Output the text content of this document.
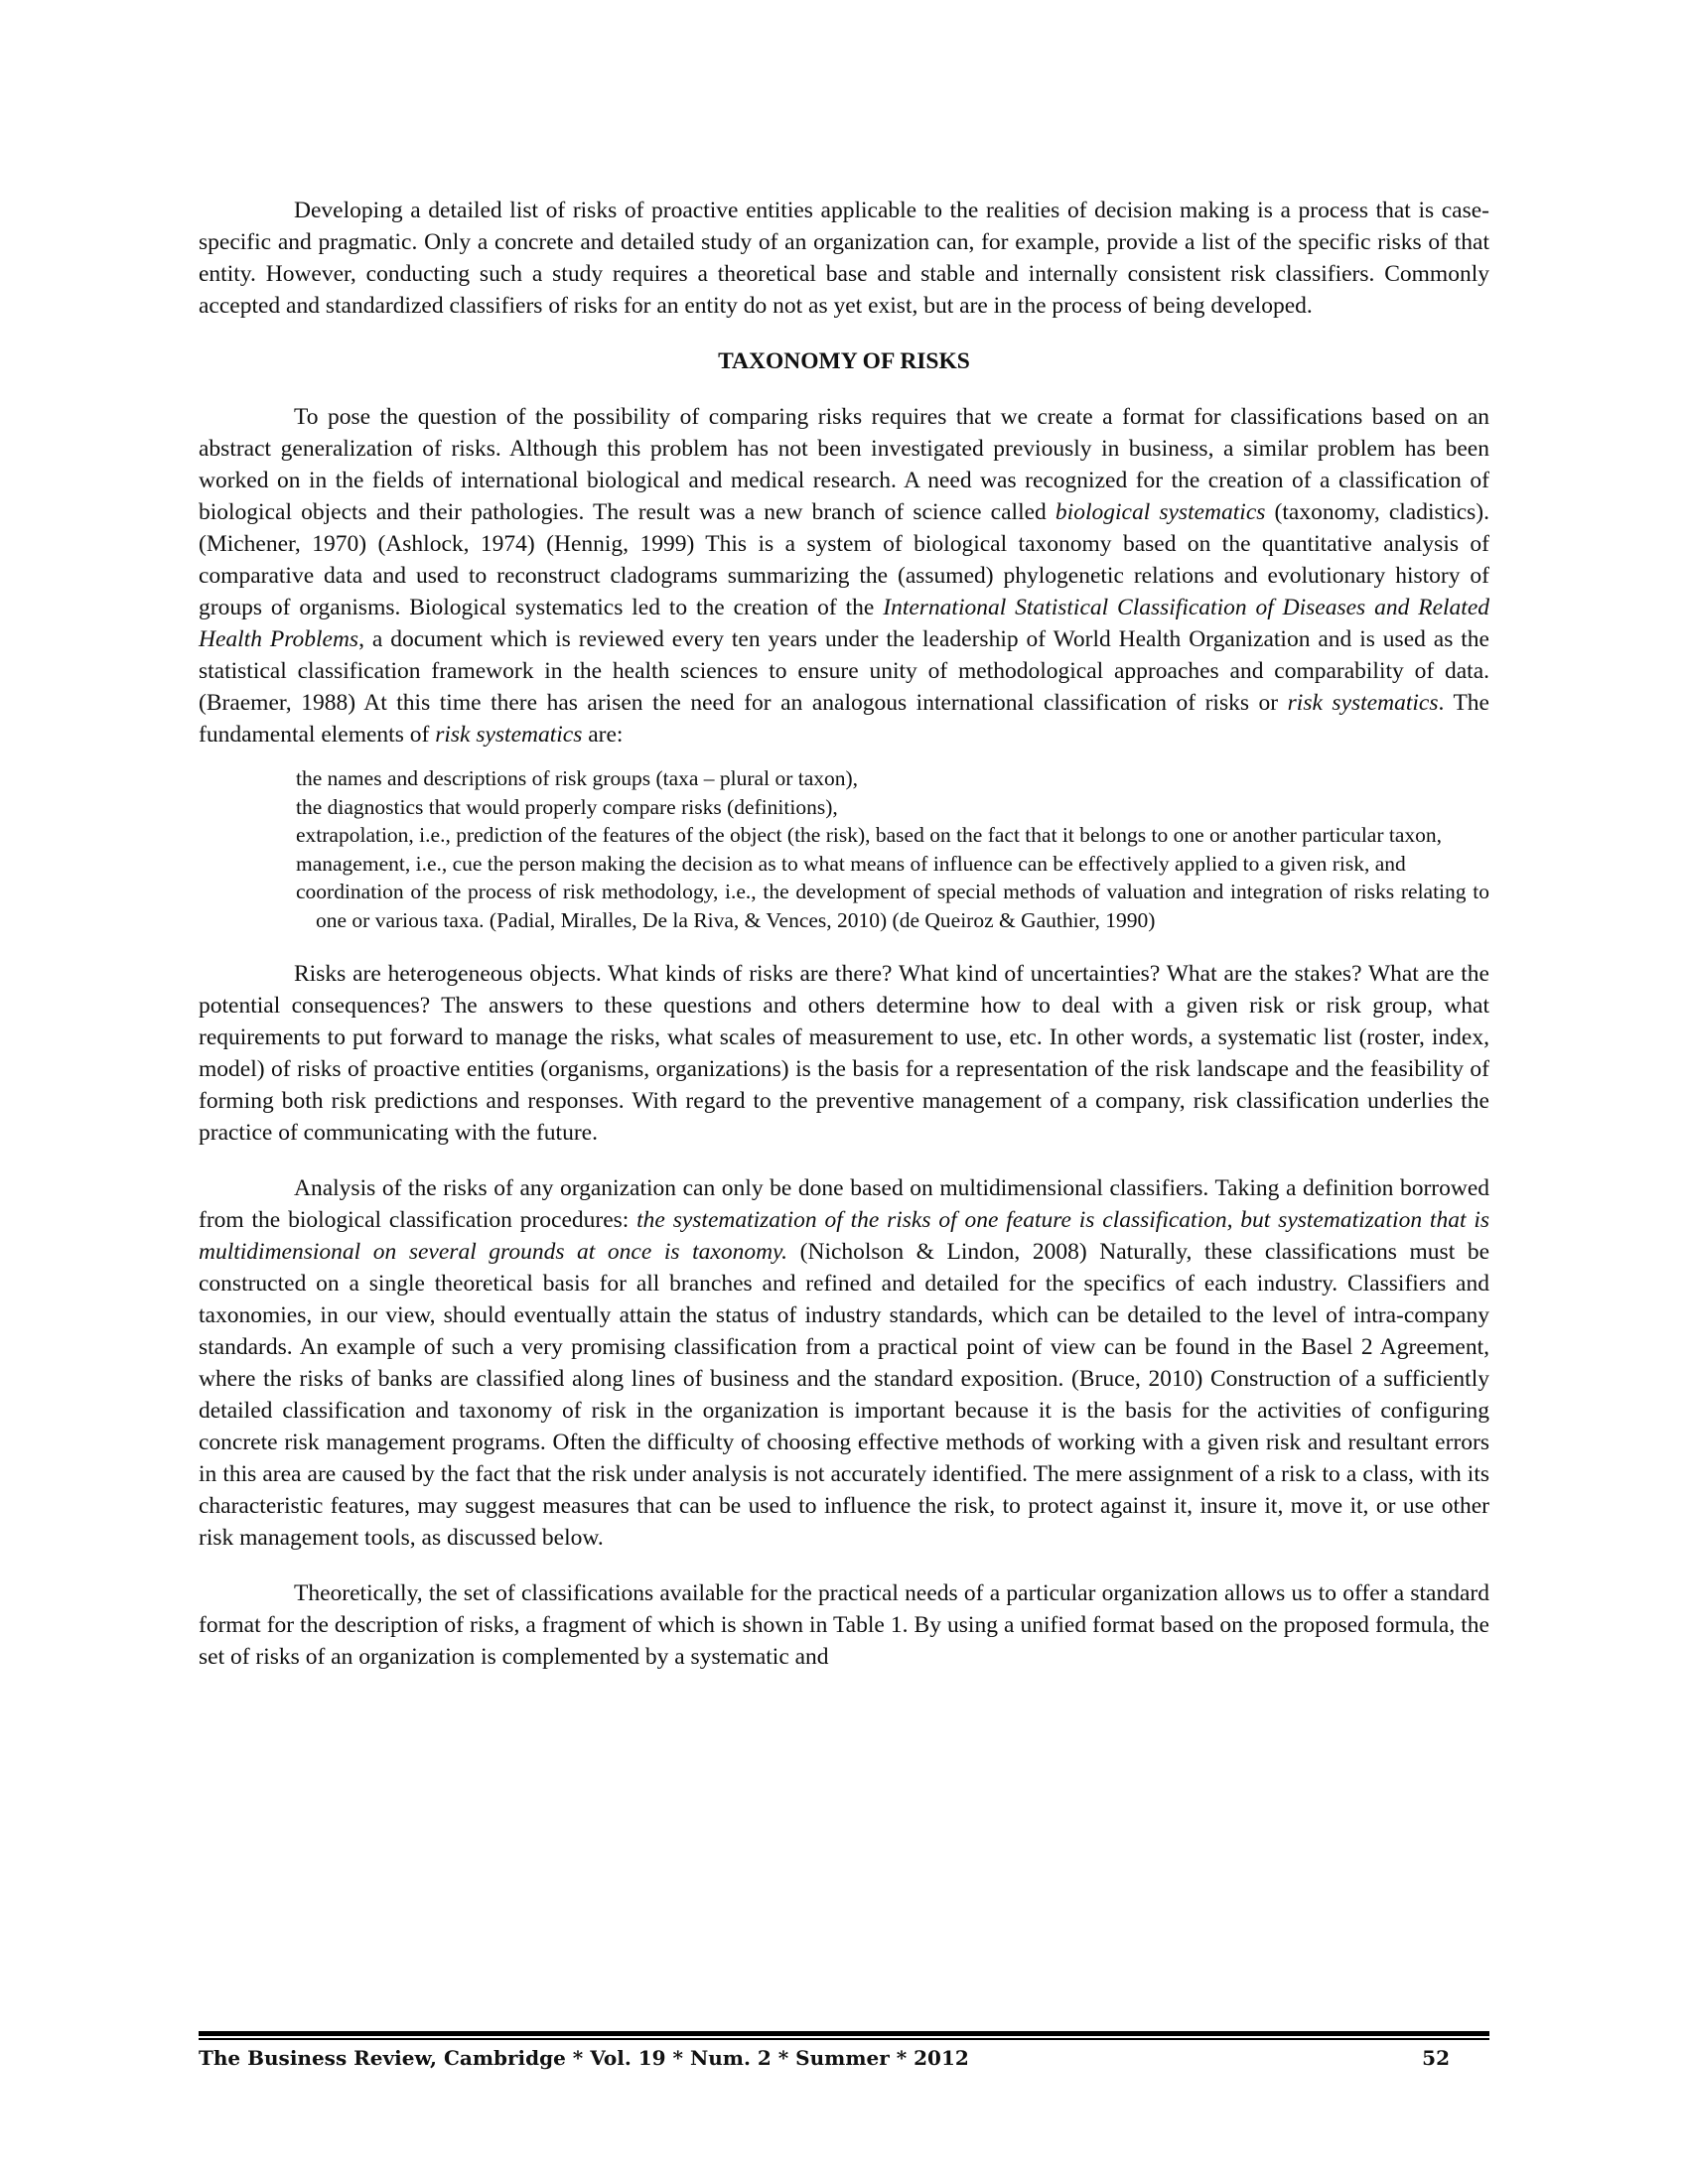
Developing a detailed list of risks of proactive entities applicable to the realities of decision making is a process that is case-specific and pragmatic. Only a concrete and detailed study of an organization can, for example, provide a list of the specific risks of that entity. However, conducting such a study requires a theoretical base and stable and internally consistent risk classifiers. Commonly accepted and standardized classifiers of risks for an entity do not as yet exist, but are in the process of being developed.

TAXONOMY OF RISKS

To pose the question of the possibility of comparing risks requires that we create a format for classifications based on an abstract generalization of risks. Although this problem has not been investigated previously in business, a similar problem has been worked on in the fields of international biological and medical research. A need was recognized for the creation of a classification of biological objects and their pathologies. The result was a new branch of science called biological systematics (taxonomy, cladistics). (Michener, 1970) (Ashlock, 1974) (Hennig, 1999) This is a system of biological taxonomy based on the quantitative analysis of comparative data and used to reconstruct cladograms summarizing the (assumed) phylogenetic relations and evolutionary history of groups of organisms. Biological systematics led to the creation of the International Statistical Classification of Diseases and Related Health Problems, a document which is reviewed every ten years under the leadership of World Health Organization and is used as the statistical classification framework in the health sciences to ensure unity of methodological approaches and comparability of data. (Braemer, 1988) At this time there has arisen the need for an analogous international classification of risks or risk systematics. The fundamental elements of risk systematics are:

the names and descriptions of risk groups (taxa – plural or taxon),
the diagnostics that would properly compare risks (definitions),
extrapolation, i.e., prediction of the features of the object (the risk), based on the fact that it belongs to one or another particular taxon,
management, i.e., cue the person making the decision as to what means of influence can be effectively applied to a given risk, and
coordination of the process of risk methodology, i.e., the development of special methods of valuation and integration of risks relating to one or various taxa. (Padial, Miralles, De la Riva, & Vences, 2010) (de Queiroz & Gauthier, 1990)

Risks are heterogeneous objects. What kinds of risks are there? What kind of uncertainties? What are the stakes? What are the potential consequences? The answers to these questions and others determine how to deal with a given risk or risk group, what requirements to put forward to manage the risks, what scales of measurement to use, etc. In other words, a systematic list (roster, index, model) of risks of proactive entities (organisms, organizations) is the basis for a representation of the risk landscape and the feasibility of forming both risk predictions and responses. With regard to the preventive management of a company, risk classification underlies the practice of communicating with the future.

Analysis of the risks of any organization can only be done based on multidimensional classifiers. Taking a definition borrowed from the biological classification procedures: the systematization of the risks of one feature is classification, but systematization that is multidimensional on several grounds at once is taxonomy. (Nicholson & Lindon, 2008) Naturally, these classifications must be constructed on a single theoretical basis for all branches and refined and detailed for the specifics of each industry. Classifiers and taxonomies, in our view, should eventually attain the status of industry standards, which can be detailed to the level of intra-company standards. An example of such a very promising classification from a practical point of view can be found in the Basel 2 Agreement, where the risks of banks are classified along lines of business and the standard exposition. (Bruce, 2010) Construction of a sufficiently detailed classification and taxonomy of risk in the organization is important because it is the basis for the activities of configuring concrete risk management programs. Often the difficulty of choosing effective methods of working with a given risk and resultant errors in this area are caused by the fact that the risk under analysis is not accurately identified. The mere assignment of a risk to a class, with its characteristic features, may suggest measures that can be used to influence the risk, to protect against it, insure it, move it, or use other risk management tools, as discussed below.

Theoretically, the set of classifications available for the practical needs of a particular organization allows us to offer a standard format for the description of risks, a fragment of which is shown in Table 1. By using a unified format based on the proposed formula, the set of risks of an organization is complemented by a systematic and

The Business Review, Cambridge * Vol. 19 * Num. 2 * Summer * 2012	52
